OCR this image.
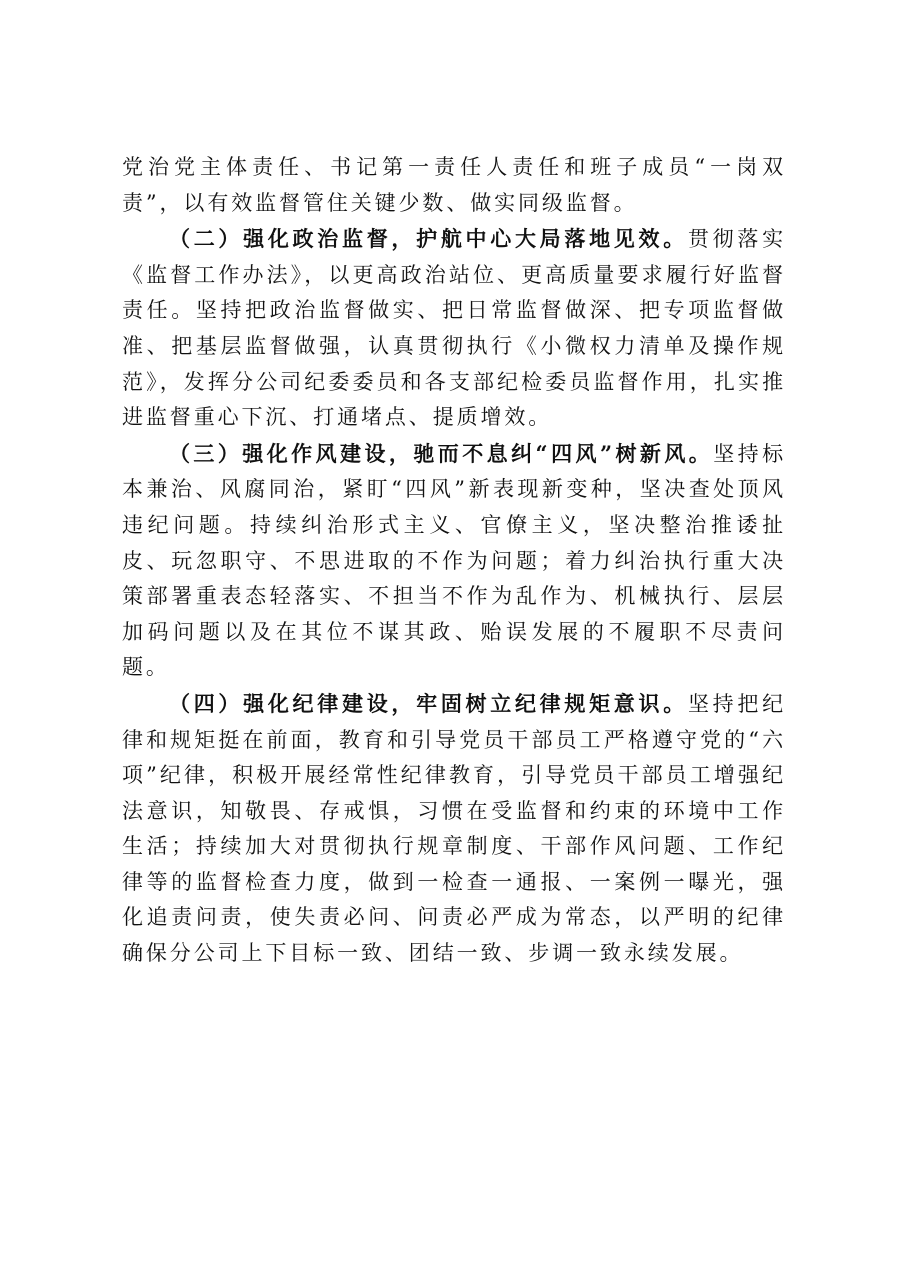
党治党主体责任、书记第一责任人责任和班子成员“一岗双责”，以有效监督管住关键少数、做实同级监督。

（二）强化政治监督，护航中心大局落地见效。贯彻落实《监督工作办法》，以更高政治站位、更高质量要求履行好监督责任。坚持把政治监督做实、把日常监督做深、把专项监督做准、把基层监督做强，认真贯彻执行《小微权力清单及操作规范》，发挥分公司纪委委员和各支部纪检委员监督作用，扎实推进监督重心下沉、打通堵点、提质增效。

（三）强化作风建设，驰而不息纠“四风”树新风。坚持标本兼治、风腐同治，紧盯“四风”新表现新变种，坚决查处顶风违纪问题。持续纠治形式主义、官僚主义，坚决整治推诿扯皮、玩忽职守、不思进取的不作为问题；着力纠治执行重大决策部署重表态轻落实、不担当不作为乱作为、机械执行、层层加码问题以及在其位不谋其政、贻误发展的不履职不尽责问题。

（四）强化纪律建设，牢固树立纪律规矩意识。坚持把纪律和规矩挺在前面，教育和引导党员干部员工严格遵守党的“六项”纪律，积极开展经常性纪律教育，引导党员干部员工增强纪法意识，知敬畏、存戒惧，习惯在受监督和约束的环境中工作生活；持续加大对贯彻执行规章制度、干部作风问题、工作纪律等的监督检查力度，做到一检查一通报、一案例一曝光，强化追责问责，使失责必问、问责必严成为常态，以严明的纪律确保分公司上下目标一致、团结一致、步调一致永续发展。
